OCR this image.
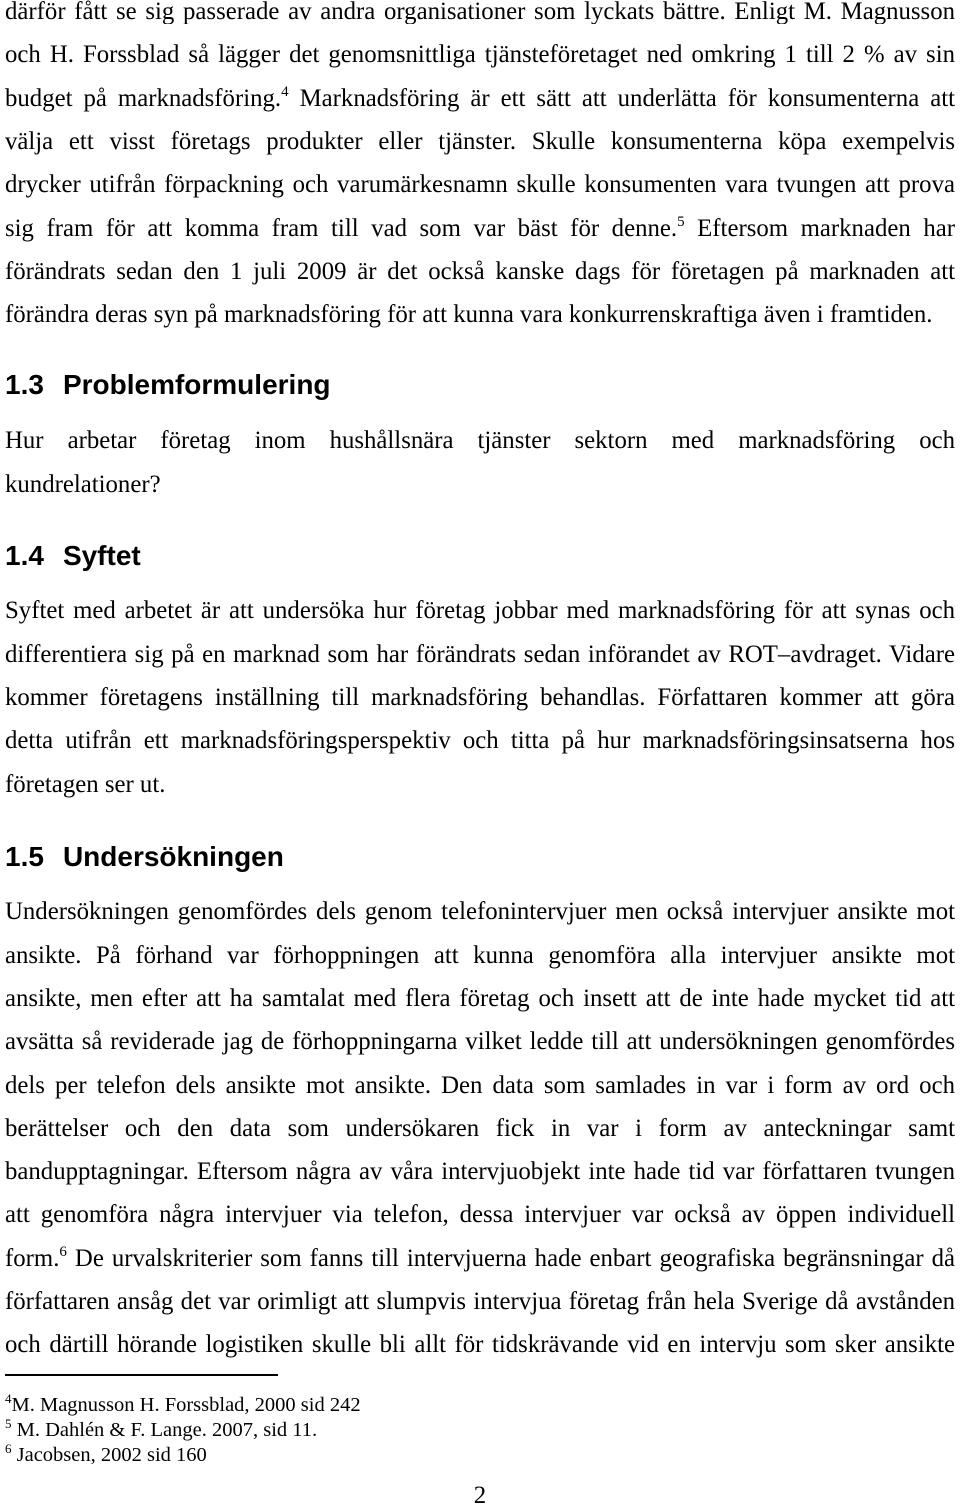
därför fått se sig passerade av andra organisationer som lyckats bättre. Enligt M. Magnusson
och H. Forssblad så lägger det genomsnittliga tjänsteföretaget ned omkring 1 till 2 % av sin
budget på marknadsföring.$^4$ Marknadsföring är ett sätt att underlätta för konsumenterna att
välja ett visst företags produkter eller tjänster. Skulle konsumenterna köpa exempelvis
drycker utifrån förpackning och varumärkesnamn skulle konsumenten vara tvungen att prova
sig fram för att komma fram till vad som var bäst för denne.$^5$ Eftersom marknaden har
förändrats sedan den 1 juli 2009 är det också kanske dags för företagen på marknaden att
förändra deras syn på marknadsföring för att kunna vara konkurrenskraftiga även i framtiden.
1.3 Problemformulering
Hur arbetar företag inom hushållsnära tjänster sektorn med marknadsföring och
kundrelationer?
1.4 Syftet
Syftet med arbetet är att undersöka hur företag jobbar med marknadsföring för att synas och
differentiera sig på en marknad som har förändrats sedan införandet av ROT–avdraget. Vidare
kommer företagens inställning till marknadsföring behandlas. Författaren kommer att göra
detta utifrån ett marknadsföringsperspektiv och titta på hur marknadsföringsinsatserna hos
företagen ser ut.
1.5 Undersökningen
Undersökningen genomfördes dels genom telefonintervjuer men också intervjuer ansikte mot
ansikte. På förhand var förhoppningen att kunna genomföra alla intervjuer ansikte mot
ansikte, men efter att ha samtalat med flera företag och insett att de inte hade mycket tid att
avsätta så reviderade jag de förhoppningarna vilket ledde till att undersökningen genomfördes
dels per telefon dels ansikte mot ansikte. Den data som samlades in var i form av ord och
berättelser och den data som undersökaren fick in var i form av anteckningar samt
bandupptagningar. Eftersom några av våra intervjuobjekt inte hade tid var författaren tvungen
att genomföra några intervjuer via telefon, dessa intervjuer var också av öppen individuell
form.$^6$ De urvalskriterier som fanns till intervjuerna hade enbart geografiska begränsningar då
författaren ansåg det var orimligt att slumpvis intervjua företag från hela Sverige då avstånden
och därtill hörande logistiken skulle bli allt för tidskrävande vid en intervju som sker ansikte
$^4$M. Magnusson H. Forssblad, 2000 sid 242
$^5$ M. Dahlén & F. Lange. 2007, sid 11.
$^6$ Jacobsen, 2002 sid 160
2
